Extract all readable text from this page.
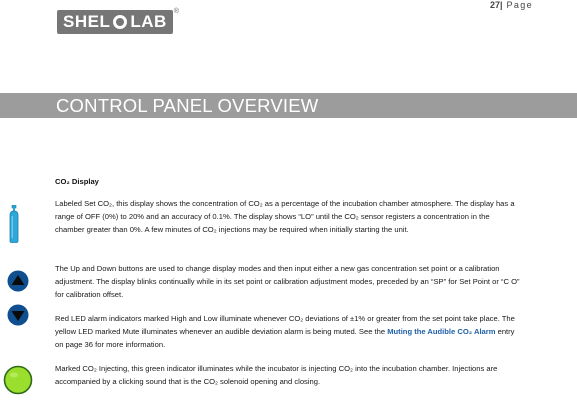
SHEL LAB
®
27| Page
CONTROL PANEL OVERVIEW
CO₂ Display

Labeled Set CO₂, this display shows the concentration of CO₂ as a percentage of the incubation chamber atmosphere. The display has a range of OFF (0%) to 20% and an accuracy of 0.1%. The display shows “LO” until the CO₂ sensor registers a concentration in the chamber greater than 0%. A few minutes of CO₂ injections may be required when initially starting the unit.

The Up and Down buttons are used to change display modes and then input either a new gas concentration set point or a calibration adjustment. The display blinks continually while in its set point or calibration adjustment modes, preceded by an “SP” for Set Point or “C O” for calibration offset.

Red LED alarm indicators marked High and Low illuminate whenever CO₂ deviations of ±1% or greater from the set point take place. The yellow LED marked Mute illuminates whenever an audible deviation alarm is being muted. See the Muting the Audible CO₂ Alarm entry on page 36 for more information.

Marked CO₂ Injecting, this green indicator illuminates while the incubator is injecting CO₂ into the incubation chamber. Injections are accompanied by a clicking sound that is the CO₂ solenoid opening and closing.
